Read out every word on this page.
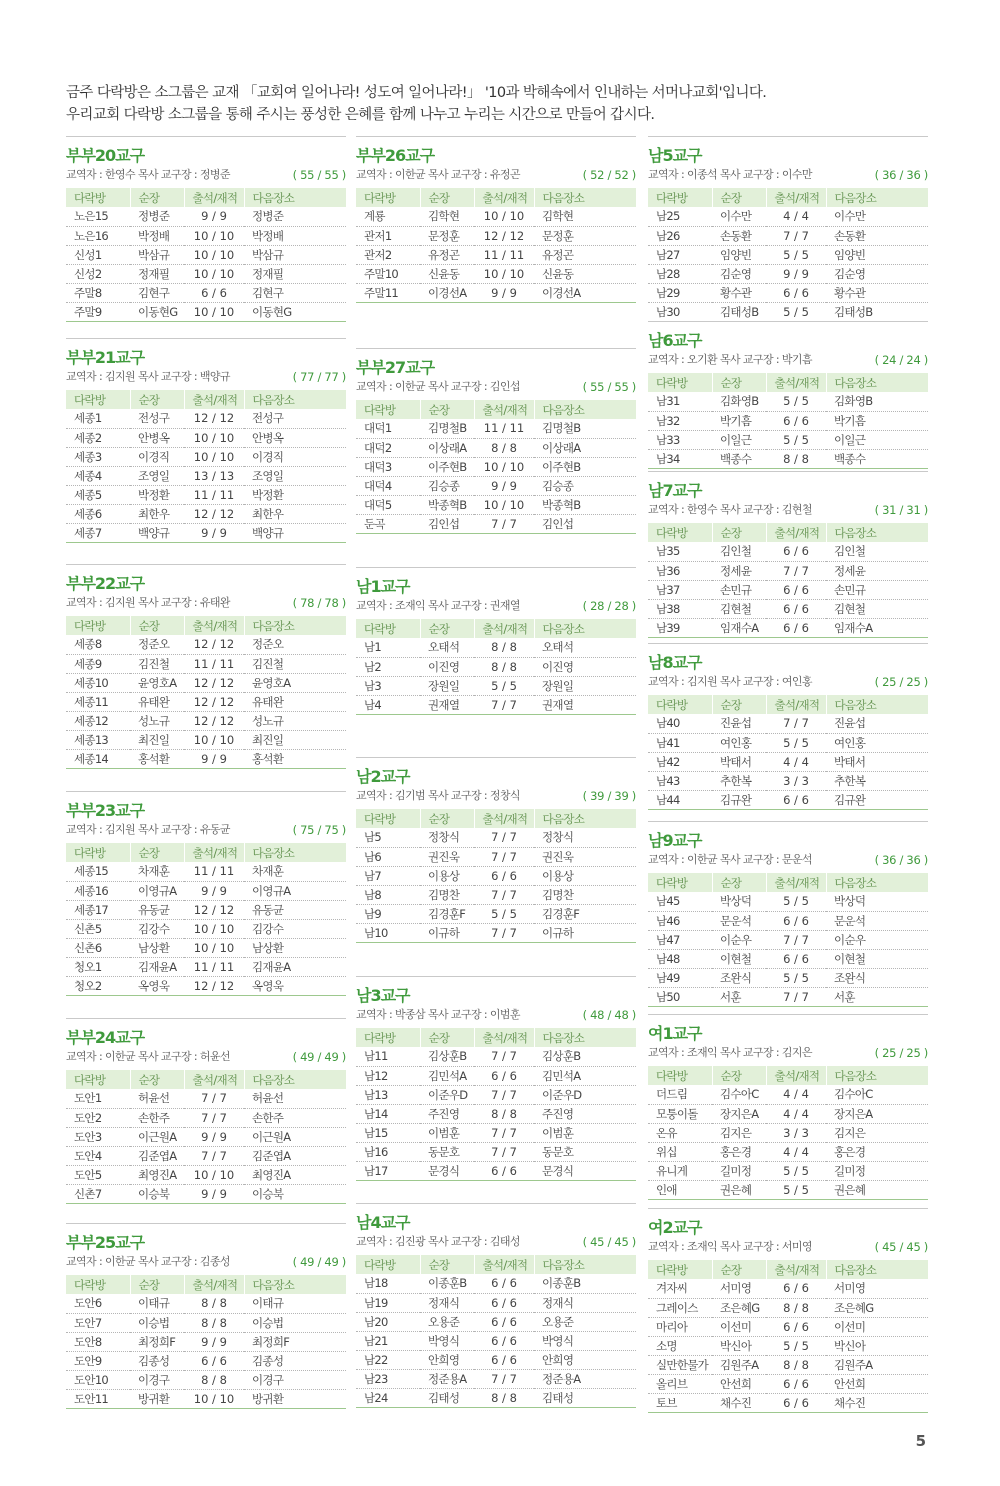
금주 다락방은 소그룹은 교재 「교회여 일어나라! 성도여 일어나라!」 '10과 박해속에서 인내하는 서머나교회'입니다.

우리교회 다락방 소그룹을 통해 주시는 풍성한 은혜를 함께 나누고 누리는 시간으로 만들어 갑시다.

부부20교구
교역자 : 한영수 목사 교구장 : 정병준	( 55 / 55 )
다락방	순장	출석/재적	다음장소
노은15	정병준	9 / 9	정병준
노은16	박정배	10 / 10	박정배
신성1	박삼규	10 / 10	박삼규
신성2	정재필	10 / 10	정재필
주말8	김현구	6 / 6	김현구
주말9	이동현G	10 / 10	이동현G
부부21교구
교역자 : 김지원 목사 교구장 : 백양규	( 77 / 77 )
다락방	순장	출석/재적	다음장소
세종1	전성구	12 / 12	전성구
세종2	안병옥	10 / 10	안병옥
세종3	이경직	10 / 10	이경직
세종4	조영일	13 / 13	조영일
세종5	박정환	11 / 11	박정환
세종6	최한우	12 / 12	최한우
세종7	백양규	9 / 9	백양규
부부22교구
교역자 : 김지원 목사 교구장 : 유태완	( 78 / 78 )
다락방	순장	출석/재적	다음장소
세종8	정준오	12 / 12	정준오
세종9	김진철	11 / 11	김진철
세종10	윤영호A	12 / 12	윤영호A
세종11	유태완	12 / 12	유태완
세종12	성노규	12 / 12	성노규
세종13	최진일	10 / 10	최진일
세종14	홍석환	9 / 9	홍석환
부부23교구
교역자 : 김지원 목사 교구장 : 유동균	( 75 / 75 )
다락방	순장	출석/재적	다음장소
세종15	차재훈	11 / 11	차재훈
세종16	이영규A	9 / 9	이영규A
세종17	유동균	12 / 12	유동균
신촌5	김강수	10 / 10	김강수
신촌6	남상환	10 / 10	남상환
청오1	김재윤A	11 / 11	김재윤A
청오2	옥영욱	12 / 12	옥영욱
부부24교구
교역자 : 이한균 목사 교구장 : 허윤선	( 49 / 49 )
다락방	순장	출석/재적	다음장소
도안1	허윤선	7 / 7	허윤선
도안2	손한주	7 / 7	손한주
도안3	이근원A	9 / 9	이근원A
도안4	김준엽A	7 / 7	김준엽A
도안5	최영진A	10 / 10	최영진A
신촌7	이승북	9 / 9	이승북
부부25교구
교역자 : 이한균 목사 교구장 : 김종성	( 49 / 49 )
다락방	순장	출석/재적	다음장소
도안6	이태규	8 / 8	이태규
도안7	이승법	8 / 8	이승법
도안8	최정희F	9 / 9	최정희F
도안9	김종성	6 / 6	김종성
도안10	이경구	8 / 8	이경구
도안11	방귀환	10 / 10	방귀환
부부26교구
교역자 : 이한균 목사 교구장 : 유정곤	( 52 / 52 )
다락방	순장	출석/재적	다음장소
계룡	김학현	10 / 10	김학현
관저1	문정훈	12 / 12	문정훈
관저2	유정곤	11 / 11	유정곤
주말10	신윤동	10 / 10	신윤동
주말11	이경선A	9 / 9	이경선A
부부27교구
교역자 : 이한균 목사 교구장 : 김인섭	( 55 / 55 )
다락방	순장	출석/재적	다음장소
대덕1	김명철B	11 / 11	김명철B
대덕2	이상래A	8 / 8	이상래A
대덕3	이주현B	10 / 10	이주현B
대덕4	김승종	9 / 9	김승종
대덕5	박종혁B	10 / 10	박종혁B
둔곡	김인섭	7 / 7	김인섭
남1교구
교역자 : 조재익 목사 교구장 : 권재열	( 28 / 28 )
다락방	순장	출석/재적	다음장소
남1	오태석	8 / 8	오태석
남2	이진영	8 / 8	이진영
남3	장원일	5 / 5	장원일
남4	권재열	7 / 7	권재열
남2교구
교역자 : 김기범 목사 교구장 : 정창식	( 39 / 39 )
다락방	순장	출석/재적	다음장소
남5	정창식	7 / 7	정창식
남6	권진욱	7 / 7	권진욱
남7	이용상	6 / 6	이용상
남8	김명찬	7 / 7	김명찬
남9	김경훈F	5 / 5	김경훈F
남10	이규하	7 / 7	이규하
남3교구
교역자 : 박종삼 목사 교구장 : 이범훈	( 48 / 48 )
다락방	순장	출석/재적	다음장소
남11	김상훈B	7 / 7	김상훈B
남12	김민석A	6 / 6	김민석A
남13	이준우D	7 / 7	이준우D
남14	주진영	8 / 8	주진영
남15	이범훈	7 / 7	이범훈
남16	동문호	7 / 7	동문호
남17	문경식	6 / 6	문경식
남4교구
교역자 : 김진광 목사 교구장 : 김태성	( 45 / 45 )
다락방	순장	출석/재적	다음장소
남18	이종훈B	6 / 6	이종훈B
남19	정재식	6 / 6	정재식
남20	오용준	6 / 6	오용준
남21	박영식	6 / 6	박영식
남22	안희영	6 / 6	안희영
남23	정준용A	7 / 7	정준용A
남24	김태성	8 / 8	김태성
남5교구
교역자 : 이종석 목사 교구장 : 이수만	( 36 / 36 )
다락방	순장	출석/재적	다음장소
남25	이수만	4 / 4	이수만
남26	손동환	7 / 7	손동환
남27	임양빈	5 / 5	임양빈
남28	김순영	9 / 9	김순영
남29	황수관	6 / 6	황수관
남30	김태성B	5 / 5	김태성B
남6교구
교역자 : 오기환 목사 교구장 : 박기흠	( 24 / 24 )
다락방	순장	출석/재적	다음장소
남31	김화영B	5 / 5	김화영B
남32	박기흠	6 / 6	박기흠
남33	이일근	5 / 5	이일근
남34	백종수	8 / 8	백종수
남7교구
교역자 : 한영수 목사 교구장 : 김현철	( 31 / 31 )
다락방	순장	출석/재적	다음장소
남35	김인철	6 / 6	김인철
남36	정세윤	7 / 7	정세윤
남37	손민규	6 / 6	손민규
남38	김현철	6 / 6	김현철
남39	임재수A	6 / 6	임재수A
남8교구
교역자 : 김지원 목사 교구장 : 여인홍	( 25 / 25 )
다락방	순장	출석/재적	다음장소
남40	진윤섭	7 / 7	진윤섭
남41	여인홍	5 / 5	여인홍
남42	박태서	4 / 4	박태서
남43	추한복	3 / 3	추한복
남44	김규완	6 / 6	김규완
남9교구
교역자 : 이한균 목사 교구장 : 문운석	( 36 / 36 )
다락방	순장	출석/재적	다음장소
남45	박상덕	5 / 5	박상덕
남46	문운석	6 / 6	문운석
남47	이순우	7 / 7	이순우
남48	이현철	6 / 6	이현철
남49	조완식	5 / 5	조완식
남50	서훈	7 / 7	서훈
여1교구
교역자 : 조재익 목사 교구장 : 김지은	( 25 / 25 )
다락방	순장	출석/재적	다음장소
더드림	김수아C	4 / 4	김수아C
모퉁이돌	장지은A	4 / 4	장지은A
온유	김지은	3 / 3	김지은
위십	홍은경	4 / 4	홍은경
유니게	길미정	5 / 5	길미정
인애	권은혜	5 / 5	권은혜
여2교구
교역자 : 조재익 목사 교구장 : 서미영	( 45 / 45 )
다락방	순장	출석/재적	다음장소
겨자씨	서미영	6 / 6	서미영
그레이스	조은혜G	8 / 8	조은혜G
마리아	이선미	6 / 6	이선미
소명	박신아	5 / 5	박신아
실만한물가	김원주A	8 / 8	김원주A
올리브	안선희	6 / 6	안선희
토브	채수진	6 / 6	채수진
5
